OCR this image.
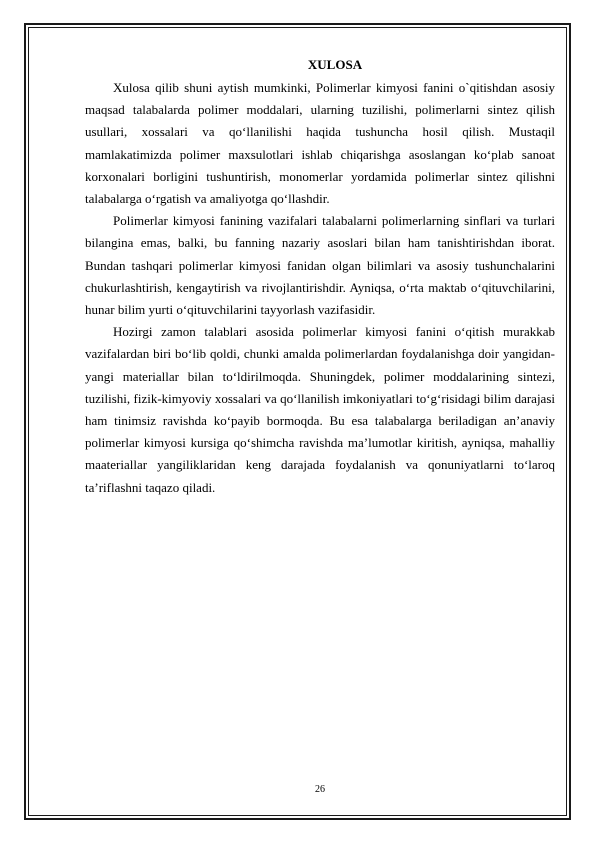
XULOSA

Xulosa qilib shuni aytish mumkinki, Polimerlar kimyosi fanini o`qitishdan asosiy maqsad talabalarda polimer moddalari, ularning tuzilishi, polimerlarni sintez qilish usullari, xossalari va qo‘llanilishi haqida tushuncha hosil qilish. Mustaqil mamlakatimizda polimer maxsulotlari ishlab chiqarishga asoslangan ko‘plab sanoat korxonalari borligini tushuntirish, monomerlar yordamida polimerlar sintez qilishni talabalarga o‘rgatish va amaliyotga qo‘llashdir.

Polimerlar kimyosi fanining vazifalari talabalarni polimerlarning sinflari va turlari bilangina emas, balki, bu fanning nazariy asoslari bilan ham tanishtirishdan iborat. Bundan tashqari polimerlar kimyosi fanidan olgan bilimlari va asosiy tushunchalarini chukurlashtirish, kengaytirish va rivojlantirishdir. Ayniqsa, o‘rta maktab o‘qituvchilarini, hunar bilim yurti o‘qituvchilarini tayyorlash vazifasidir.

Hozirgi zamon talablari asosida polimerlar kimyosi fanini o‘qitish murakkab vazifalardan biri bo‘lib qoldi, chunki amalda polimerlardan foydalanishga doir yangidan-yangi materiallar bilan to‘ldirilmoqda. Shuningdek, polimer moddalarining sintezi, tuzilishi, fizik-kimyoviy xossalari va qo‘llanilish imkoniyatlari to‘g‘risidagi bilim darajasi ham tinimsiz ravishda ko‘payib bormoqda. Bu esa talabalarga beriladigan an’anaviy polimerlar kimyosi kursiga qo‘shimcha ravishda ma’lumotlar kiritish, ayniqsa, mahalliy maateriallar yangiliklaridan keng darajada foydalanish va qonuniyatlarni to‘laroq ta’riflashni taqazo qiladi.

26
